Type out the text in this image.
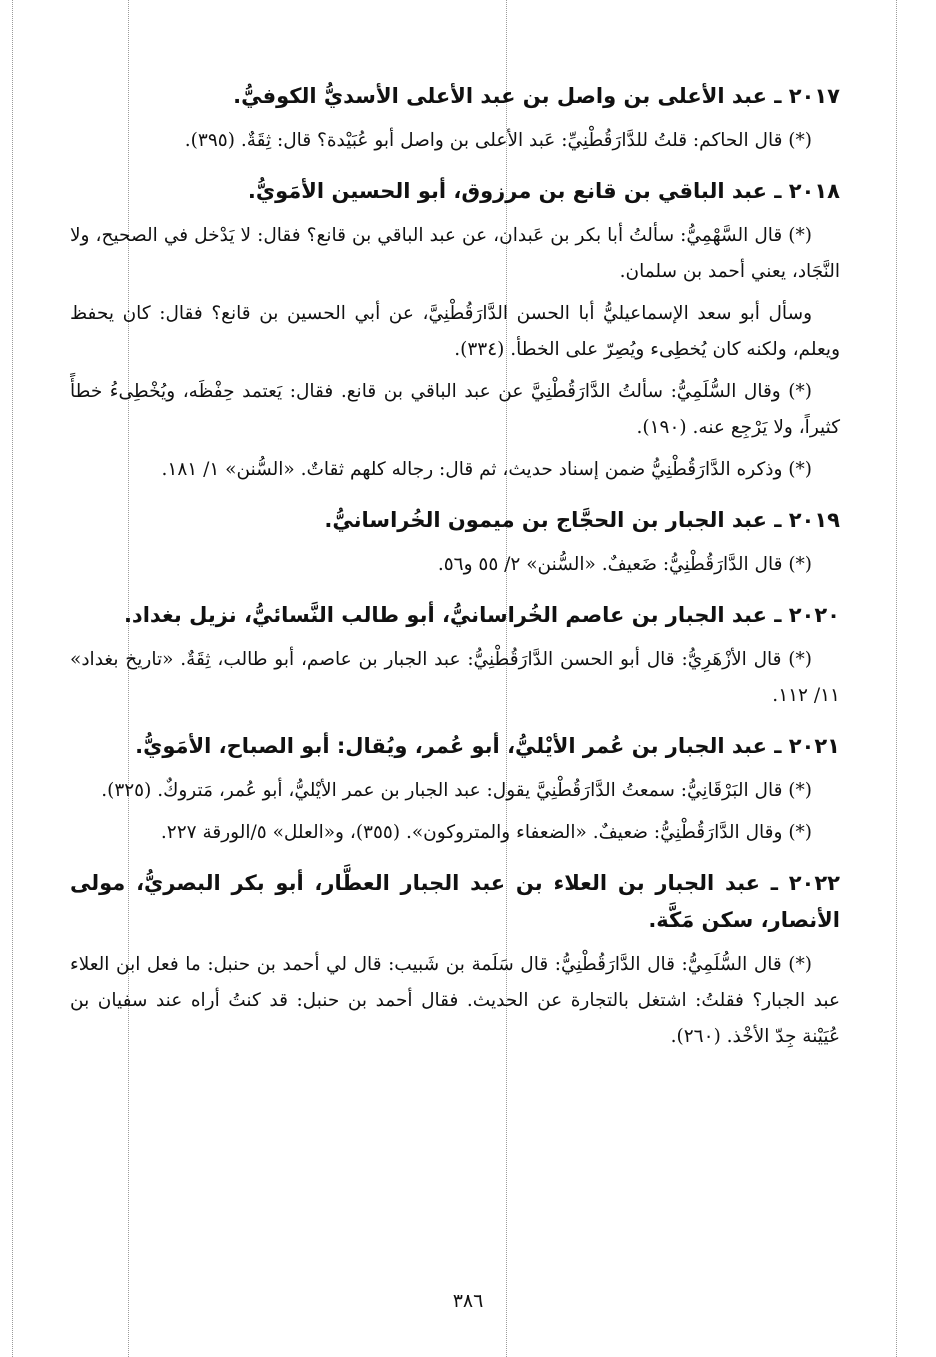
٢٠١٧ ـ عبد الأعلى بن واصل بن عبد الأعلى الأسديُّ الكوفيُّ.
(*) قال الحاكم: قلتُ للدَّارَقُطْنِيِّ: عَبد الأعلى بن واصل أبو عُبَيْدة؟ قال: ثِقَةٌ. (٣٩٥).
٢٠١٨ ـ عبد الباقي بن قانع بن مرزوق، أبو الحسين الأمَويُّ.
(*) قال السَّهْمِيُّ: سألتُ أبا بكر بن عَبدان، عن عبد الباقي بن قانع؟ فقال: لا يَدْخل في الصحيح، ولا النَّجَاد، يعني أحمد بن سلمان.
وسأل أبو سعد الإسماعيليُّ أبا الحسن الدَّارَقُطْنِيَّ، عن أبي الحسين بن قانع؟ فقال: كان يحفظ ويعلم، ولكنه كان يُخطِىء ويُصِرّ على الخطأ. (٣٣٤).
(*) وقال السُّلَمِيُّ: سألتُ الدَّارَقُطْنِيَّ عن عبد الباقي بن قانع. فقال: يَعتمد حِفْظَه، ويُخْطِىءُ خطأً كثيراً، ولا يَرْجِع عنه. (١٩٠).
(*) وذكره الدَّارَقُطْنِيُّ ضمن إسناد حديث، ثم قال: رجاله كلهم ثقاتٌ. «السُّنن» ١/ ١٨١.
٢٠١٩ ـ عبد الجبار بن الحجَّاج بن ميمون الخُراسانيُّ.
(*) قال الدَّارَقُطْنِيُّ: ضَعيفٌ. «السُّنن» ٢/ ٥٥ و٥٦.
٢٠٢٠ ـ عبد الجبار بن عاصم الخُراسانيُّ، أبو طالب النَّسائيُّ، نزيل بغداد.
(*) قال الأزْهَرِيُّ: قال أبو الحسن الدَّارَقُطْنِيُّ: عبد الجبار بن عاصم، أبو طالب، ثِقَةٌ. «تاريخ بغداد» ١١/ ١١٢.
٢٠٢١ ـ عبد الجبار بن عُمر الأيْليُّ، أبو عُمر، ويُقال: أبو الصباح، الأمَويُّ.
(*) قال البَرْقَانِيُّ: سمعتُ الدَّارَقُطْنِيَّ يقول: عبد الجبار بن عمر الأيْليُّ، أبو عُمر، مَتروكٌ. (٣٢٥).
(*) وقال الدَّارَقُطْنِيُّ: ضعيفٌ. «الضعفاء والمتروكون». (٣٥٥)، و«العلل» ٥/الورقة ٢٢٧.
٢٠٢٢ ـ عبد الجبار بن العلاء بن عبد الجبار العطَّار، أبو بكر البصريُّ، مولى الأنصار، سكن مَكَّة.
(*) قال السُّلَمِيُّ: قال الدَّارَقُطْنِيُّ: قال سَلَمة بن شَبيب: قال لي أحمد بن حنبل: ما فعل ابن العلاء عبد الجبار؟ فقلتُ: اشتغل بالتجارة عن الحديث. فقال أحمد بن حنبل: قد كنتُ أراه عند سفيان بن عُيَيْنة جِدّ الأخْذ. (٢٦٠).
٣٨٦
